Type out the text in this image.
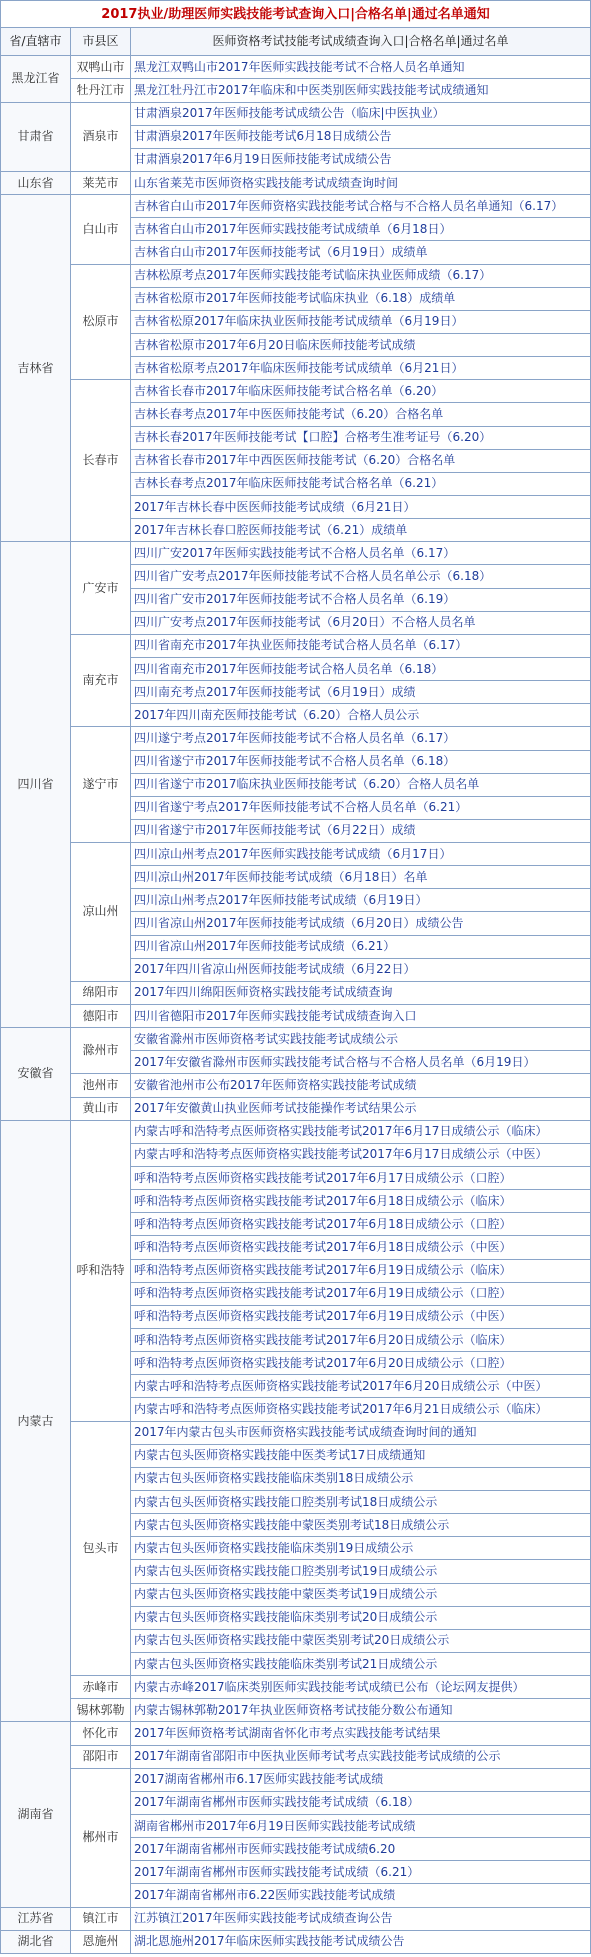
2017执业/助理医师实践技能考试查询入口|合格名单|通过名单通知		
省/直辖市	市县区	医师资格考试技能考试成绩查询入口|合格名单|通过名单
黑龙江省	双鸭山市	黑龙江双鸭山市2017年医师实践技能考试不合格人员名单通知
	牡丹江市	黑龙江牡丹江市2017年临床和中医类别医师实践技能考试成绩通知
甘肃省	酒泉市	甘肃酒泉2017年医师技能考试成绩公告（临床|中医执业）
		甘肃酒泉2017年医师技能考试6月18日成绩公告
		甘肃酒泉2017年6月19日医师技能考试成绩公告
山东省	莱芜市	山东省莱芜市医师资格实践技能考试成绩查询时间
吉林省	白山市	吉林省白山市2017年医师资格实践技能考试合格与不合格人员名单通知（6.17）
		吉林省白山市2017年医师实践技能考试成绩单（6月18日）
		吉林省白山市2017年医师技能考试（6月19日）成绩单
	松原市	吉林松原考点2017年医师实践技能考试临床执业医师成绩（6.17）
		吉林省松原市2017年医师技能考试临床执业（6.18）成绩单
		吉林省松原2017年临床执业医师技能考试成绩单（6月19日）
		吉林省松原市2017年6月20日临床医师技能考试成绩
		吉林省松原考点2017年临床医师技能考试成绩单（6月21日）
	长春市	吉林省长春市2017年临床医师技能考试合格名单（6.20）
		吉林长春考点2017年中医医师技能考试（6.20）合格名单
		吉林长春2017年医师技能考试【口腔】合格考生准考证号（6.20）
		吉林省长春市2017年中西医医师技能考试（6.20）合格名单
		吉林长春考点2017年临床医师技能考试合格名单（6.21）
		2017年吉林长春中医医师技能考试成绩（6月21日）
		2017年吉林长春口腔医师技能考试（6.21）成绩单
四川省	广安市	四川广安2017年医师实践技能考试不合格人员名单（6.17）
		四川省广安考点2017年医师技能考试不合格人员名单公示（6.18）
		四川省广安市2017年医师技能考试不合格人员名单（6.19）
		四川广安考点2017年医师技能考试（6月20日）不合格人员名单
	南充市	四川省南充市2017年执业医师技能考试合格人员名单（6.17）
		四川省南充市2017年医师技能考试合格人员名单（6.18）
		四川南充考点2017年医师技能考试（6月19日）成绩
		2017年四川南充医师技能考试（6.20）合格人员公示
	遂宁市	四川遂宁考点2017年医师技能考试不合格人员名单（6.17）
		四川省遂宁市2017年医师技能考试不合格人员名单（6.18）
		四川省遂宁市2017临床执业医师技能考试（6.20）合格人员名单
		四川省遂宁考点2017年医师技能考试不合格人员名单（6.21）
		四川省遂宁市2017年医师技能考试（6月22日）成绩
	凉山州	四川凉山州考点2017年医师实践技能考试成绩（6月17日）
		四川凉山州2017年医师技能考试成绩（6月18日）名单
		四川凉山州考点2017年医师技能考试成绩（6月19日）
		四川省凉山州2017年医师技能考试成绩（6月20日）成绩公告
		四川省凉山州2017年医师技能考试成绩（6.21）
		2017年四川省凉山州医师技能考试成绩（6月22日）
	绵阳市	2017年四川绵阳医师资格实践技能考试成绩查询
	德阳市	四川省德阳市2017年医师实践技能考试成绩查询入口
安徽省	滁州市	安徽省滁州市医师资格考试实践技能考试成绩公示
		2017年安徽省滁州市医师实践技能考试合格与不合格人员名单（6月19日）
	池州市	安徽省池州市公布2017年医师资格实践技能考试成绩
	黄山市	2017年安徽黄山执业医师考试技能操作考试结果公示
内蒙古	呼和浩特	内蒙古呼和浩特考点医师资格实践技能考试2017年6月17日成绩公示（临床）
		内蒙古呼和浩特考点医师资格实践技能考试2017年6月17日成绩公示（中医）
		呼和浩特考点医师资格实践技能考试2017年6月17日成绩公示（口腔）
		呼和浩特考点医师资格实践技能考试2017年6月18日成绩公示（临床）
		呼和浩特考点医师资格实践技能考试2017年6月18日成绩公示（口腔）
		呼和浩特考点医师资格实践技能考试2017年6月18日成绩公示（中医）
		呼和浩特考点医师资格实践技能考试2017年6月19日成绩公示（临床）
		呼和浩特考点医师资格实践技能考试2017年6月19日成绩公示（口腔）
		呼和浩特考点医师资格实践技能考试2017年6月19日成绩公示（中医）
		呼和浩特考点医师资格实践技能考试2017年6月20日成绩公示（临床）
		呼和浩特考点医师资格实践技能考试2017年6月20日成绩公示（口腔）
		内蒙古呼和浩特考点医师资格实践技能考试2017年6月20日成绩公示（中医）
		内蒙古呼和浩特考点医师资格实践技能考试2017年6月21日成绩公示（临床）
	包头市	2017年内蒙古包头市医师资格实践技能考试成绩查询时间的通知
		内蒙古包头医师资格实践技能中医类考试17日成绩通知
		内蒙古包头医师资格实践技能临床类别18日成绩公示
		内蒙古包头医师资格实践技能口腔类别考试18日成绩公示
		内蒙古包头医师资格实践技能中蒙医类别考试18日成绩公示
		内蒙古包头医师资格实践技能临床类别19日成绩公示
		内蒙古包头医师资格实践技能口腔类别考试19日成绩公示
		内蒙古包头医师资格实践技能中蒙医类考试19日成绩公示
		内蒙古包头医师资格实践技能临床类别考试20日成绩公示
		内蒙古包头医师资格实践技能中蒙医类别考试20日成绩公示
		内蒙古包头医师资格实践技能临床类别考试21日成绩公示
	赤峰市	内蒙古赤峰2017临床类别医师实践技能考试成绩已公布（论坛网友提供）
	锡林郭勒	内蒙古锡林郭勒2017年执业医师资格考试技能分数公布通知
湖南省	怀化市	2017年医师资格考试湖南省怀化市考点实践技能考试结果
	邵阳市	2017年湖南省邵阳市中医执业医师考试考点实践技能考试成绩的公示
	郴州市	2017湖南省郴州市6.17医师实践技能考试成绩
		2017年湖南省郴州市医师实践技能考试成绩（6.18）
		湖南省郴州市2017年6月19日医师实践技能考试成绩
		2017年湖南省郴州市医师实践技能考试成绩6.20
		2017年湖南省郴州市医师实践技能考试成绩（6.21）
		2017年湖南省郴州市6.22医师实践技能考试成绩
江苏省	镇江市	江苏镇江2017年医师实践技能考试成绩查询公告
湖北省	恩施州	湖北恩施州2017年临床医师实践技能考试成绩公告
